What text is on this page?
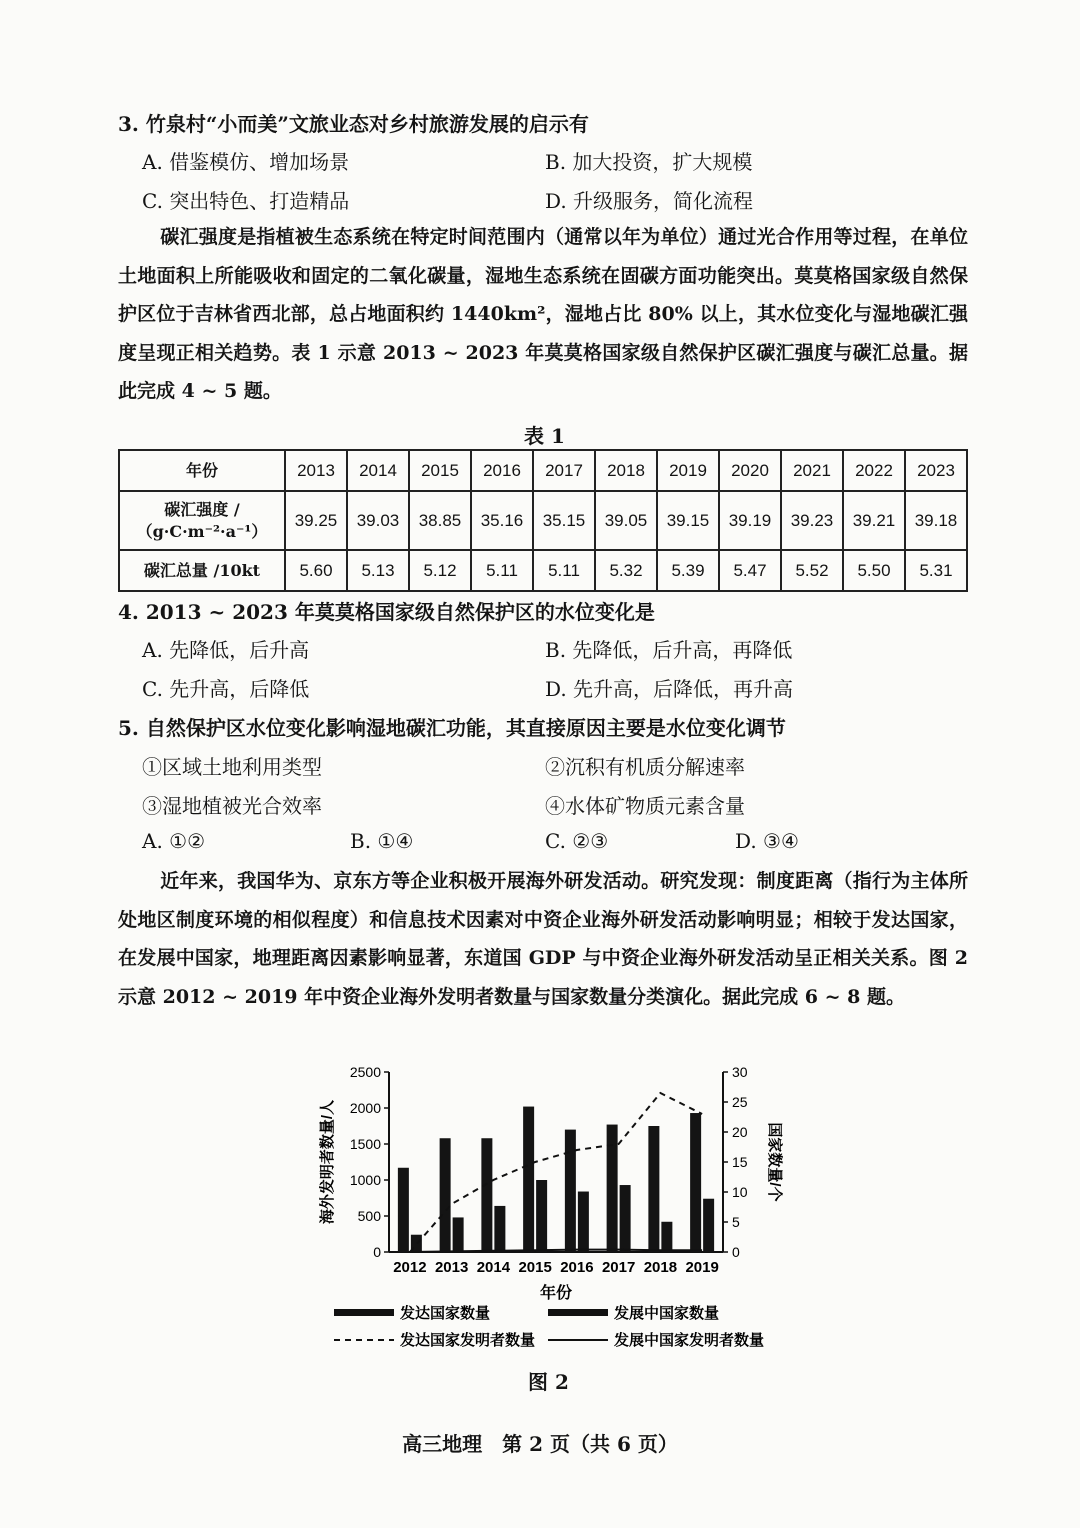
3. 竹泉村“小而美”文旅业态对乡村旅游发展的启示有
A. 借鉴模仿、增加场景	B. 加大投资，扩大规模
C. 突出特色、打造精品	D. 升级服务，简化流程
碳汇强度是指植被生态系统在特定时间范围内（通常以年为单位）通过光合作用等过程，在单位土地面积上所能吸收和固定的二氧化碳量，湿地生态系统在固碳方面功能突出。莫莫格国家级自然保护区位于吉林省西北部，总占地面积约 1440km²，湿地占比 80% 以上，其水位变化与湿地碳汇强度呈现正相关趋势。表 1 示意 2013 ~ 2023 年莫莫格国家级自然保护区碳汇强度与碳汇总量。据此完成 4 ~ 5 题。
表 1
年份	2013	2014	2015	2016	2017	2018	2019	2020	2021	2022	2023

碳汇强度 /
（g·C·m⁻²·a⁻¹）	39.25	39.03	38.85	35.16	35.15	39.05	39.15	39.19	39.23	39.21	39.18
碳汇总量 /10kt	5.60	5.13	5.12	5.11	5.11	5.32	5.39	5.47	5.52	5.50	5.31
4. 2013 ~ 2023 年莫莫格国家级自然保护区的水位变化是
A. 先降低，后升高	B. 先降低，后升高，再降低
C. 先升高，后降低	D. 先升高，后降低，再升高
5. 自然保护区水位变化影响湿地碳汇功能，其直接原因主要是水位变化调节
①区域土地利用类型	②沉积有机质分解速率
③湿地植被光合效率	④水体矿物质元素含量
A. ①②	B. ①④	C. ②③	D. ③④
近年来，我国华为、京东方等企业积极开展海外研发活动。研究发现：制度距离（指行为主体所处地区制度环境的相似程度）和信息技术因素对中资企业海外研发活动影响明显；相较于发达国家，在发展中国家，地理距离因素影响显著，东道国 GDP 与中资企业海外研发活动呈正相关关系。图 2 示意 2012 ~ 2019 年中资企业海外发明者数量与国家数量分类演化。据此完成 6 ~ 8 题。
海外发明者数量/人	国家数量/个
年份
0
500
1000
1500
2000
2500
0
5
10
15
20
25
30
2012 2013 2014 2015 2016 2017 2018 2019
发达国家数量	发展中国家数量
发达国家发明者数量	发展中国家发明者数量
图 2
高三地理　第 2 页（共 6 页）
